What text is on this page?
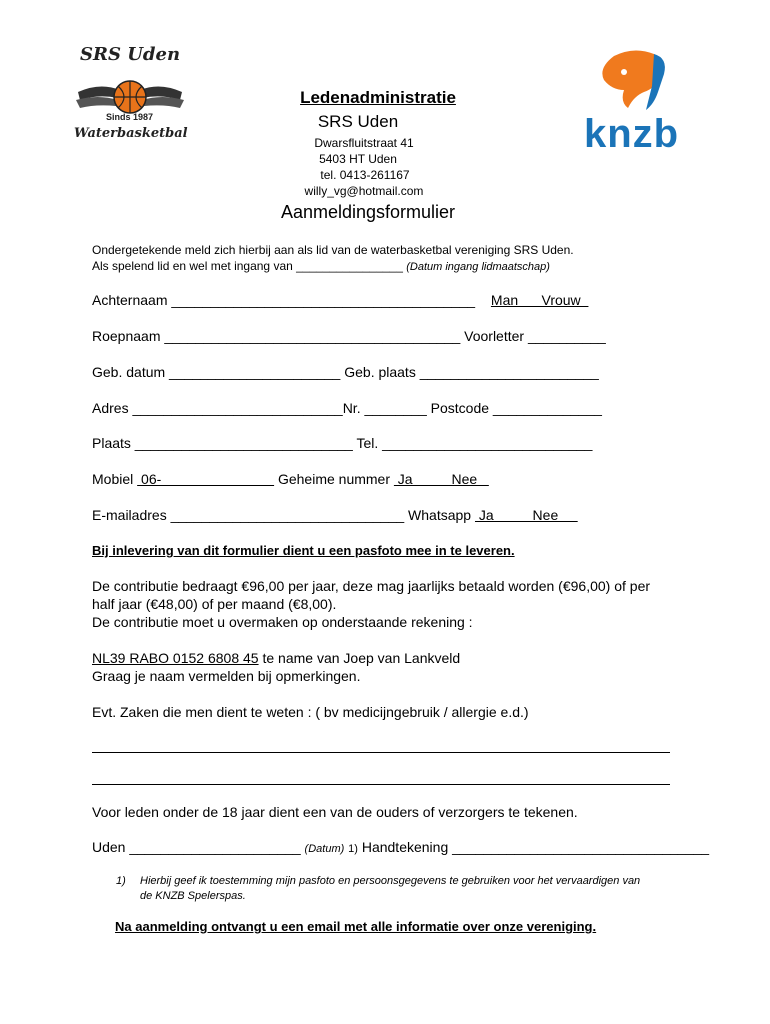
SRS Uden
Sinds 1987
Waterbasketbal	knzb
Ledenadministratie
SRS Uden
Dwarsfluitstraat 41
5403 HT Uden
tel. 0413-261167
willy_vg@hotmail.com
Aanmeldingsformulier
Ondergetekende meld zich hierbij aan als lid van de waterbasketbal vereniging SRS Uden.
Als spelend lid en wel met ingang van ________________ (Datum ingang lidmaatschap)
Achternaam _______________________________________ Man      Vrouw
Roepnaam ______________________________________ Voorletter __________
Geb. datum ______________________ Geb. plaats _______________________
Adres ___________________________Nr. ________ Postcode ______________
Plaats ____________________________ Tel. ___________________________
Mobiel  06-                              Geheime nummer  Ja          Nee
E-mailadres ______________________________ Whatsapp  Ja          Nee
Bij inlevering van dit formulier dient u een pasfoto mee in te leveren.
De contributie bedraagt €96,00 per jaar, deze mag jaarlijks betaald worden (€96,00) of per
half jaar (€48,00) of per maand (€8,00).
De contributie moet u overmaken op onderstaande rekening :
NL39 RABO 0152 6808 45 te name van Joep van Lankveld
Graag je naam vermelden bij opmerkingen.
Evt. Zaken die men dient te weten : ( bv medicijngebruik / allergie e.d.)
Voor leden onder de 18 jaar dient een van de ouders of verzorgers te tekenen.
Uden ______________________ (Datum) 1) Handtekening _________________________________
1) Hierbij geef ik toestemming mijn pasfoto en persoonsgegevens te gebruiken voor het vervaardigen van
de KNZB Spelerspas.
Na aanmelding ontvangt u een email met alle informatie over onze vereniging.
